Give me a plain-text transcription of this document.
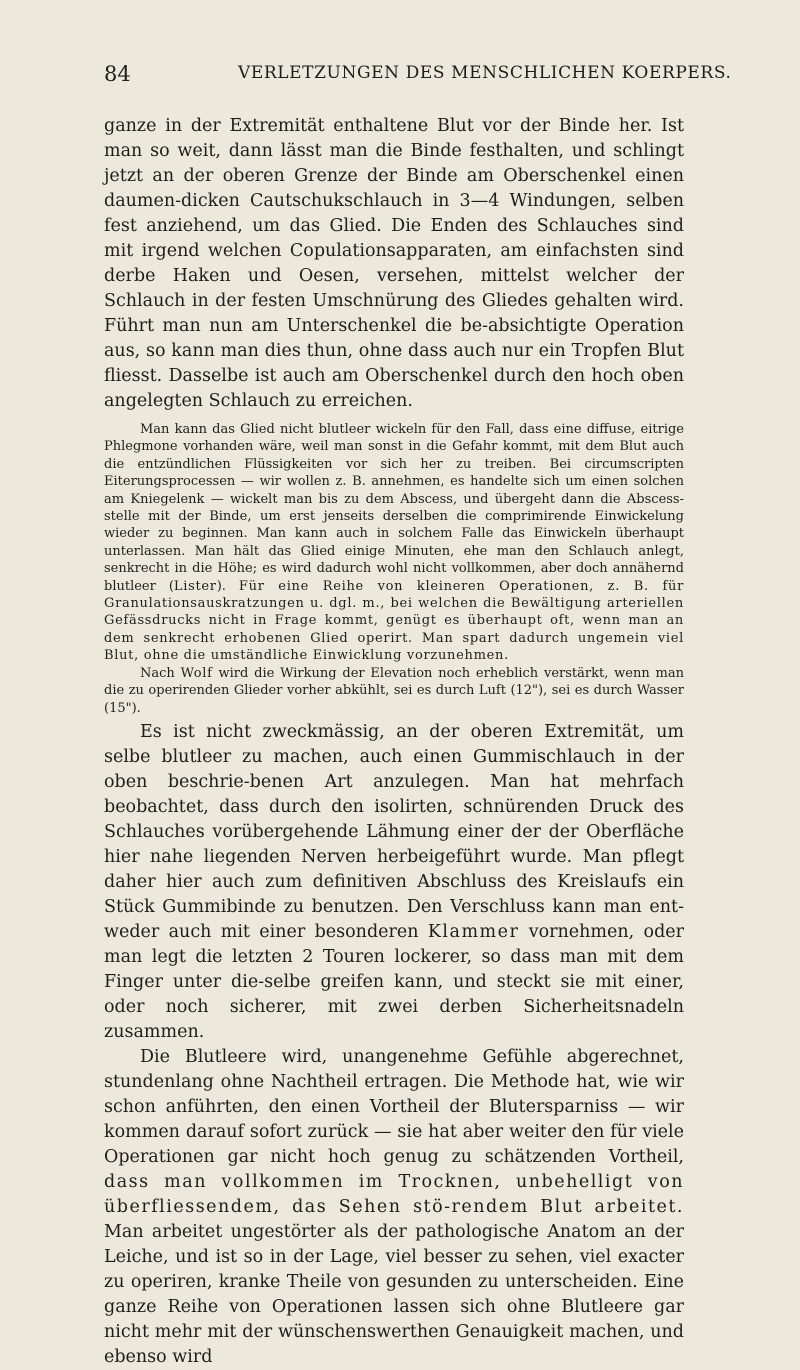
84	VERLETZUNGEN DES MENSCHLICHEN KOERPERS.

ganze in der Extremität enthaltene Blut vor der Binde her. Ist man so weit, dann lässt man die Binde festhalten, und schlingt jetzt an der oberen Grenze der Binde am Oberschenkel einen daumen-dicken Cautschukschlauch in 3—4 Windungen, selben fest anziehend, um das Glied. Die Enden des Schlauches sind mit irgend welchen Copulationsapparaten, am einfachsten sind derbe Haken und Oesen, versehen, mittelst welcher der Schlauch in der festen Umschnürung des Gliedes gehalten wird. Führt man nun am Unterschenkel die be-absichtigte Operation aus, so kann man dies thun, ohne dass auch nur ein Tropfen Blut fliesst. Dasselbe ist auch am Oberschenkel durch den hoch oben angelegten Schlauch zu erreichen.

Man kann das Glied nicht blutleer wickeln für den Fall, dass eine diffuse, eitrige Phlegmone vorhanden wäre, weil man sonst in die Gefahr kommt, mit dem Blut auch die entzündlichen Flüssigkeiten vor sich her zu treiben. Bei circumscripten Eiterungsprocessen — wir wollen z. B. annehmen, es handelte sich um einen solchen am Kniegelenk — wickelt man bis zu dem Abscess, und übergeht dann die Abscess-stelle mit der Binde, um erst jenseits derselben die comprimirende Einwickelung wieder zu beginnen. Man kann auch in solchem Falle das Einwickeln überhaupt unterlassen. Man hält das Glied einige Minuten, ehe man den Schlauch anlegt, senkrecht in die Höhe; es wird dadurch wohl nicht vollkommen, aber doch annähernd blutleer (Lister). Für eine Reihe von kleineren Operationen, z. B. für Granulationsauskratzungen u. dgl. m., bei welchen die Bewältigung arteriellen Gefässdrucks nicht in Frage kommt, genügt es überhaupt oft, wenn man an dem senkrecht erhobenen Glied operirt. Man spart dadurch ungemein viel Blut, ohne die umständliche Einwicklung vorzunehmen.

Nach Wolf wird die Wirkung der Elevation noch erheblich verstärkt, wenn man die zu operirenden Glieder vorher abkühlt, sei es durch Luft (12"), sei es durch Wasser (15").

Es ist nicht zweckmässig, an der oberen Extremität, um selbe blutleer zu machen, auch einen Gummischlauch in der oben beschrie-benen Art anzulegen. Man hat mehrfach beobachtet, dass durch den isolirten, schnürenden Druck des Schlauches vorübergehende Lähmung einer der der Oberfläche hier nahe liegenden Nerven herbeigeführt wurde. Man pflegt daher hier auch zum definitiven Abschluss des Kreislaufs ein Stück Gummibinde zu benutzen. Den Verschluss kann man ent-weder auch mit einer besonderen Klammer vornehmen, oder man legt die letzten 2 Touren lockerer, so dass man mit dem Finger unter die-selbe greifen kann, und steckt sie mit einer, oder noch sicherer, mit zwei derben Sicherheitsnadeln zusammen.

Die Blutleere wird, unangenehme Gefühle abgerechnet, stundenlang ohne Nachtheil ertragen. Die Methode hat, wie wir schon anführten, den einen Vortheil der Blutersparniss — wir kommen darauf sofort zurück — sie hat aber weiter den für viele Operationen gar nicht hoch genug zu schätzenden Vortheil, dass man vollkommen im Trocknen, unbehelligt von überfliessendem, das Sehen stö-rendem Blut arbeitet. Man arbeitet ungestörter als der pathologische Anatom an der Leiche, und ist so in der Lage, viel besser zu sehen, viel exacter zu operiren, kranke Theile von gesunden zu unterscheiden. Eine ganze Reihe von Operationen lassen sich ohne Blutleere gar nicht mehr mit der wünschenswerthen Genauigkeit machen, und ebenso wird
